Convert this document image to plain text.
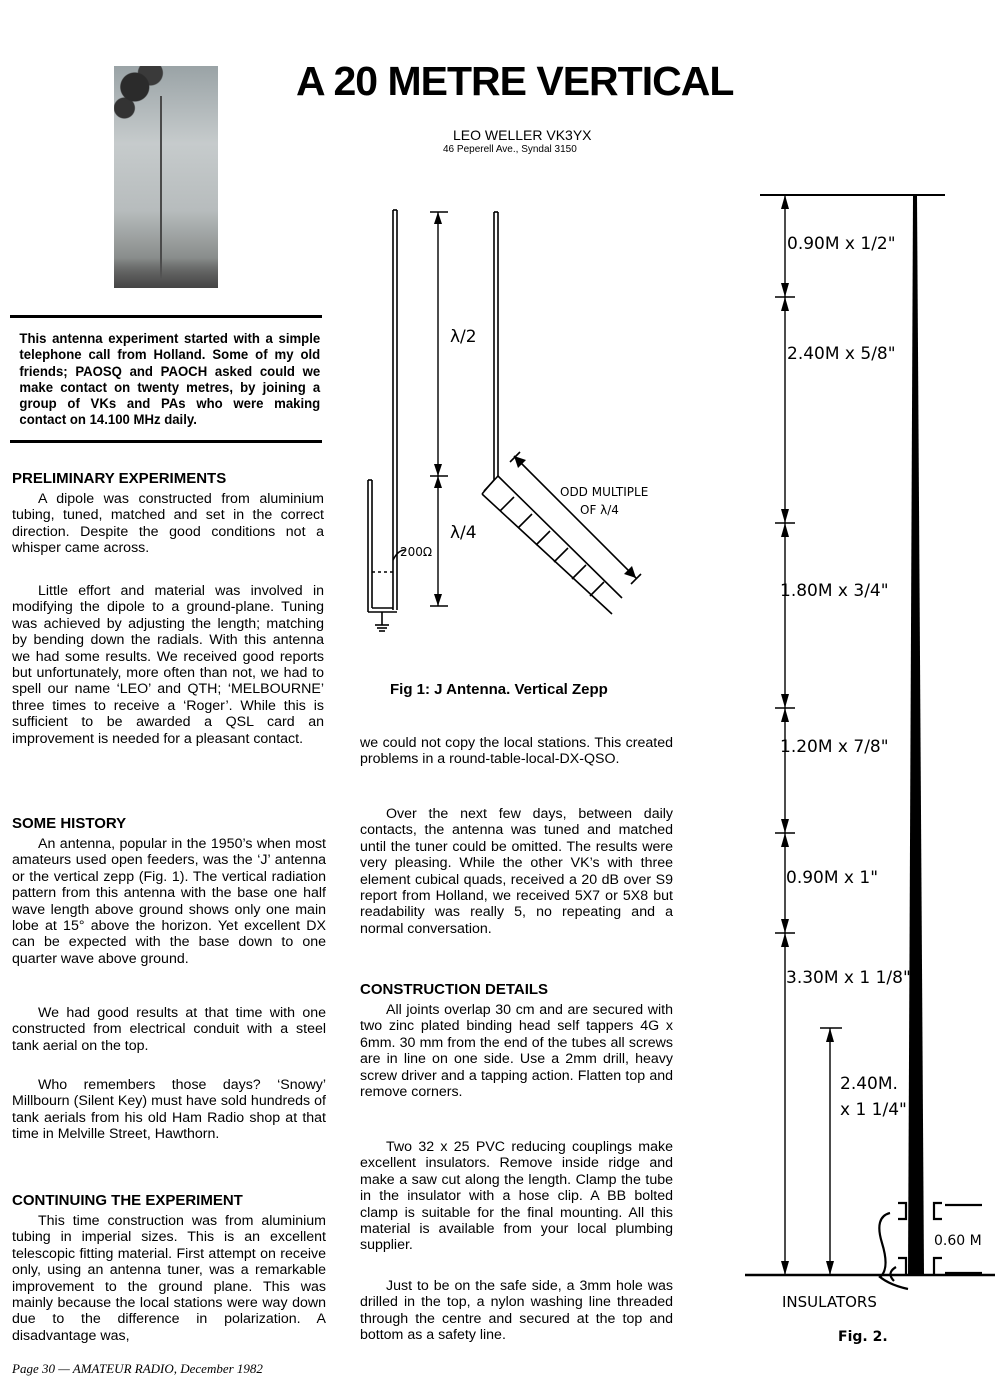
A 20 METRE VERTICAL
LEO WELLER VK3YX
46 Peperell Ave., Syndal 3150

This antenna experiment started with a simple telephone call from Holland. Some of my old friends; PAOSQ and PAOCH asked could we make contact on twenty metres, by joining a group of VKs and PAs who were making contact on 14.100 MHz daily.

PRELIMINARY EXPERIMENTS

A dipole was constructed from aluminium tubing, tuned, matched and set in the correct direction. Despite the good conditions not a whisper came across.

Little effort and material was involved in modifying the dipole to a ground-plane. Tuning was achieved by adjusting the length; matching by bending down the radials. With this antenna we had some results. We received good reports but unfortunately, more often than not, we had to spell our name ‘LEO’ and QTH; ‘MELBOURNE’ three times to receive a ‘Roger’. While this is sufficient to be awarded a QSL card an improvement is needed for a pleasant contact.

SOME HISTORY

An antenna, popular in the 1950’s when most amateurs used open feeders, was the ‘J’ antenna or the vertical zepp (Fig. 1). The vertical radiation pattern from this antenna with the base one half wave length above ground shows only one main lobe at 15° above the horizon. Yet excellent DX can be expected with the base down to one quarter wave above ground.

We had good results at that time with one constructed from electrical conduit with a steel tank aerial on the top.

Who remembers those days? ‘Snowy’ Millbourn (Silent Key) must have sold hundreds of tank aerials from his old Ham Radio shop at that time in Melville Street, Hawthorn.

CONTINUING THE EXPERIMENT

This time construction was from aluminium tubing in imperial sizes. This is an excellent telescopic fitting material. First attempt on receive only, using an antenna tuner, was a remarkable improvement to the ground plane. This was mainly because the local stations were way down due to the difference in polarization. A disadvantage was,

λ/2
λ/4
200Ω
ODD MULTIPLE
OF λ/4
Fig 1: J Antenna. Vertical Zepp

we could not copy the local stations. This created problems in a round-table-local-DX-QSO.

Over the next few days, between daily contacts, the antenna was tuned and matched until the tuner could be omitted. The results were very pleasing. While the other VK’s with three element cubical quads, received a 20 dB over S9 report from Holland, we received 5X7 or 5X8 but readability was really 5, no repeating and a normal conversation.

CONSTRUCTION DETAILS

All joints overlap 30 cm and are secured with two zinc plated binding head self tappers 4G x 6mm. 30 mm from the end of the tubes all screws are in line on one side. Use a 2mm drill, heavy screw driver and a tapping action. Flatten top and remove corners.

Two 32 x 25 PVC reducing couplings make excellent insulators. Remove inside ridge and make a saw cut along the length. Clamp the tube in the insulator with a hose clip. A BB bolted clamp is suitable for the final mounting. All this material is available from your local plumbing supplier.

Just to be on the safe side, a 3mm hole was drilled in the top, a nylon washing line threaded through the centre and secured at the top and bottom as a safety line.

0.90M x 1/2"
2.40M x 5/8"
1.80M x 3/4"
1.20M x 7/8"
0.90M x 1"
3.30M x 1 1/8"
2.40M.
x 1 1/4"
0.60 M
INSULATORS
Fig. 2.
Page 30 — AMATEUR RADIO, December 1982
